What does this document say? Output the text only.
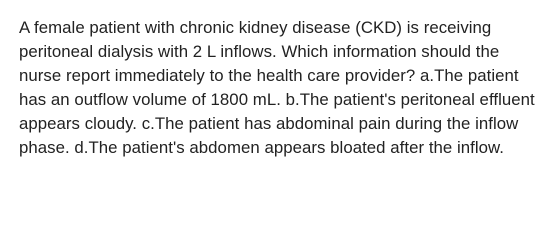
A female patient with chronic kidney disease (CKD) is receiving peritoneal dialysis with 2 L inflows. Which information should the nurse report immediately to the health care provider? a.The patient has an outflow volume of 1800 mL. b.The patient's peritoneal effluent appears cloudy. c.The patient has abdominal pain during the inflow phase. d.The patient's abdomen appears bloated after the inflow.
